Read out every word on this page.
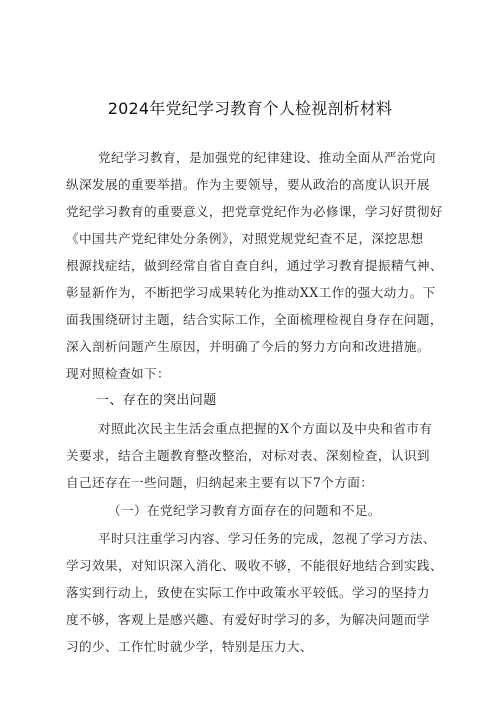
2024年党纪学习教育个人检视剖析材料
党纪学习教育，是加强党的纪律建设、推动全面从严治党向
纵深发展的重要举措。作为主要领导，要从政治的高度认识开展
党纪学习教育的重要意义，把党章党纪作为必修课，学习好贯彻好
《中国共产党纪律处分条例》，对照党规党纪查不足，深挖思想
根源找症结，做到经常自省自查自纠，通过学习教育提振精气神、
彰显新作为，不断把学习成果转化为推动XX工作的强大动力。下
面我围绕研讨主题，结合实际工作，全面梳理检视自身存在问题，
深入剖析问题产生原因，并明确了今后的努力方向和改进措施。
现对照检查如下：
一、存在的突出问题
对照此次民主生活会重点把握的X个方面以及中央和省市有
关要求，结合主题教育整改整治，对标对表、深刻检查，认识到
自己还存在一些问题，归纳起来主要有以下7个方面：
（一）在党纪学习教育方面存在的问题和不足。
平时只注重学习内容、学习任务的完成，忽视了学习方法、
学习效果，对知识深入消化、吸收不够，不能很好地结合到实践、
落实到行动上，致使在实际工作中政策水平较低。学习的坚持力
度不够，客观上是感兴趣、有爱好时学习的多，为解决问题而学
习的少、工作忙时就少学，特别是压力大、
